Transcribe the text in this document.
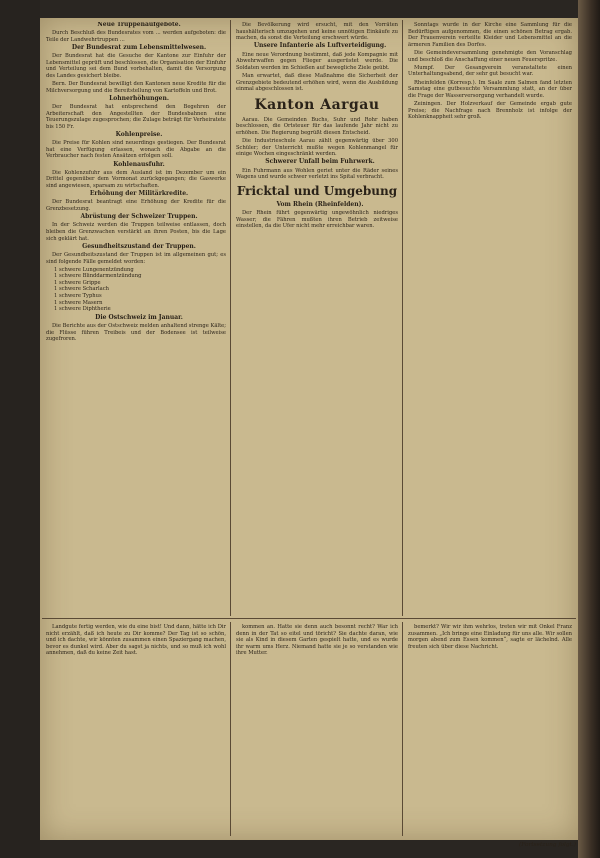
Neue Truppenaufgebote.

Durch Beschluß des Bundesrates vom ... werden aufgeboten: die Teile der Landwehrtruppen ...

Der Bundesrat zum Lebensmittelwesen.

Der Bundesrat hat die Gesuche der Kantone zur Einfuhr der Lebensmittel geprüft und beschlossen, die Organisation der Einfuhr und Verteilung sei dem Bund vorbehalten, damit die Versorgung des Landes gesichert bleibe.

Bern. Der Bundesrat bewilligt den Kantonen neue Kredite für die Milchversorgung und die Bereitstellung von Kartoffeln und Brot.

Lohnerhöhungen.

Der Bundesrat hat entsprechend den Begehren der Arbeiterschaft den Angestellten der Bundesbahnen eine Teuerungszulage zugesprochen; die Zulage beträgt für Verheiratete bis 150 Fr.

Kohlenpreise.

Die Preise für Kohlen sind neuerdings gestiegen. Der Bundesrat hat eine Verfügung erlassen, wonach die Abgabe an die Verbraucher nach festen Ansätzen erfolgen soll.

Kohlenausfuhr.

Die Kohlenzufuhr aus dem Ausland ist im Dezember um ein Drittel gegenüber dem Vormonat zurückgegangen; die Gaswerke sind angewiesen, sparsam zu wirtschaften.

Erhöhung der Militärkredite.

Der Bundesrat beantragt eine Erhöhung der Kredite für die Grenzbesetzung.

Abrüstung der Schweizer Truppen.

In der Schweiz werden die Truppen teilweise entlassen, doch bleiben die Grenzwachen verstärkt an ihren Posten, bis die Lage sich geklärt hat.

Gesundheitszustand der Truppen.

Der Gesundheitszustand der Truppen ist im allgemeinen gut; es sind folgende Fälle gemeldet worden:

1 schwere Lungenentzündung
1 schwere Blinddarmentzündung
1 schwere Grippe
1 schwere Scharlach
1 schwere Typhus
1 schwere Masern
1 schwere Diphtherie

Die Ostschweiz im Januar.

Die Berichte aus der Ostschweiz melden anhaltend strenge Kälte; die Flüsse führen Treibeis und der Bodensee ist teilweise zugefroren.

Die Bevölkerung wird ersucht, mit den Vorräten haushälterisch umzugehen und keine unnötigen Einkäufe zu machen, da sonst die Verteilung erschwert würde.

Unsere Infanterie als Luftverteidigung.

Eine neue Verordnung bestimmt, daß jede Kompagnie mit Abwehrwaffen gegen Flieger ausgerüstet werde. Die Soldaten werden im Schießen auf bewegliche Ziele geübt.

Man erwartet, daß diese Maßnahme die Sicherheit der Grenzgebiete bedeutend erhöhen wird, wenn die Ausbildung einmal abgeschlossen ist.

Kanton Aargau

Aarau. Die Gemeinden Buchs, Suhr und Rohr haben beschlossen, die Ortsteuer für das laufende Jahr nicht zu erhöhen. Die Regierung begrüßt diesen Entscheid.

Die Industrieschule Aarau zählt gegenwärtig über 300 Schüler; der Unterricht mußte wegen Kohlenmangel für einige Wochen eingeschränkt werden.

Schwerer Unfall beim Fuhrwerk.

Ein Fuhrmann aus Wohlen geriet unter die Räder seines Wagens und wurde schwer verletzt ins Spital verbracht.

Fricktal und Umgebung

Vom Rhein (Rheinfelden).

Der Rhein führt gegenwärtig ungewöhnlich niedriges Wasser; die Fähren mußten ihren Betrieb zeitweise einstellen, da die Ufer nicht mehr erreichbar waren.

Sonntags wurde in der Kirche eine Sammlung für die Bedürftigen aufgenommen, die einen schönen Betrag ergab. Der Frauenverein verteilte Kleider und Lebensmittel an die ärmeren Familien des Dorfes.

Die Gemeindeversammlung genehmigte den Voranschlag und beschloß die Anschaffung einer neuen Feuerspritze.

Mumpf. Der Gesangverein veranstaltete einen Unterhaltungsabend, der sehr gut besucht war.

Rheinfelden (Korresp.). Im Saale zum Salmen fand letzten Samstag eine gutbesuchte Versammlung statt, an der über die Frage der Wasserversorgung verhandelt wurde.

Zeiningen. Der Holzverkauf der Gemeinde ergab gute Preise; die Nachfrage nach Brennholz ist infolge der Kohlenknappheit sehr groß.

Landgute fertig werden, wie du eine bist! Und dann, hätte ich Dir nicht erzählt, daß ich heute zu Dir komme? Der Tag ist so schön, und ich dachte, wir könnten zusammen einen Spaziergang machen, bevor es dunkel wird. Aber du sagst ja nichts, und so muß ich wohl annehmen, daß du keine Zeit hast.

kommen an. Hatte sie denn auch besonnt recht? War ich denn in der Tat so eitel und töricht? Sie dachte daran, wie sie als Kind in diesem Garten gespielt hatte, und es wurde ihr warm ums Herz. Niemand hatte sie je so verstanden wie ihre Mutter.

bemerkt? Wir wir ihm wehrlos, treten wir mit Onkel Franz zusammen. „Ich bringe eine Einladung für uns alle. Wir sollen morgen abend zum Essen kommen“, sagte er lächelnd. Alle freuten sich über diese Nachricht.

(Fortsetzung folgt.)
